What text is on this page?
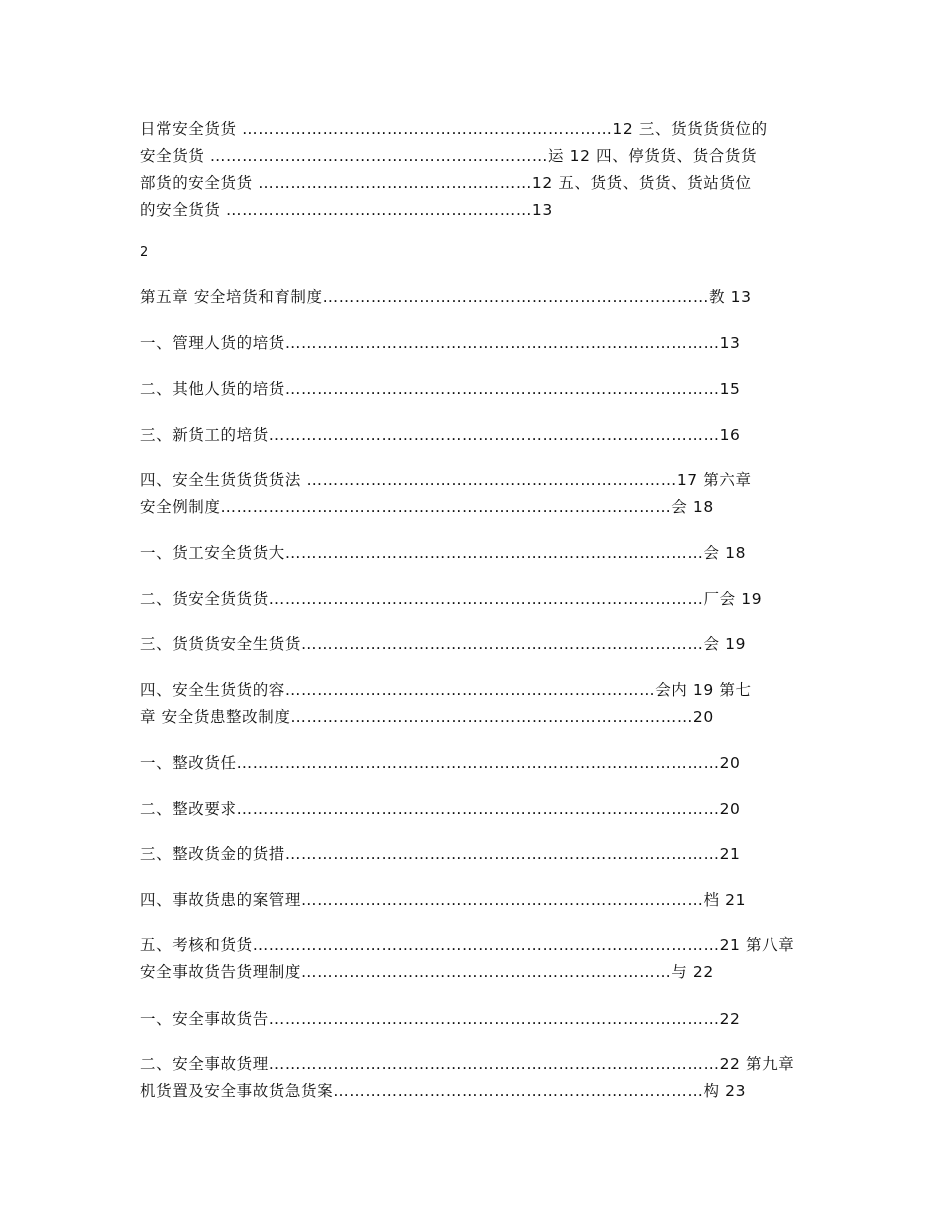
日常安全货货 ……………………………………………………………12 三、货货货货位的
安全货货 ………………………………………………………运 12 四、停货货、货合货货
部货的安全货货 ……………………………………………12 五、货货、货货、货站货位
的安全货货 …………………………………………………13
2
第五章 安全培货和育制度………………………………………………………………教 13
一、管理人货的培货………………………………………………………………………13
二、其他人货的培货………………………………………………………………………15
三、新货工的培货…………………………………………………………………………16
四、安全生货货货货法 ……………………………………………………………17 第六章
安全例制度…………………………………………………………………………会 18
一、货工安全货货大……………………………………………………………………会 18
二、货安全货货货………………………………………………………………………厂会 19
三、货货货安全生货货…………………………………………………………………会 19
四、安全生货货的容……………………………………………………………会内 19 第七
章 安全货患整改制度…………………………………………………………………20
一、整改货任………………………………………………………………………………20
二、整改要求………………………………………………………………………………20
三、整改货金的货措………………………………………………………………………21
四、事故货患的案管理…………………………………………………………………档 21
五、考核和货货……………………………………………………………………………21 第八章
安全事故货告货理制度……………………………………………………………与 22
一、安全事故货告…………………………………………………………………………22
二、安全事故货理…………………………………………………………………………22 第九章
机货置及安全事故货急货案……………………………………………………………构 23
